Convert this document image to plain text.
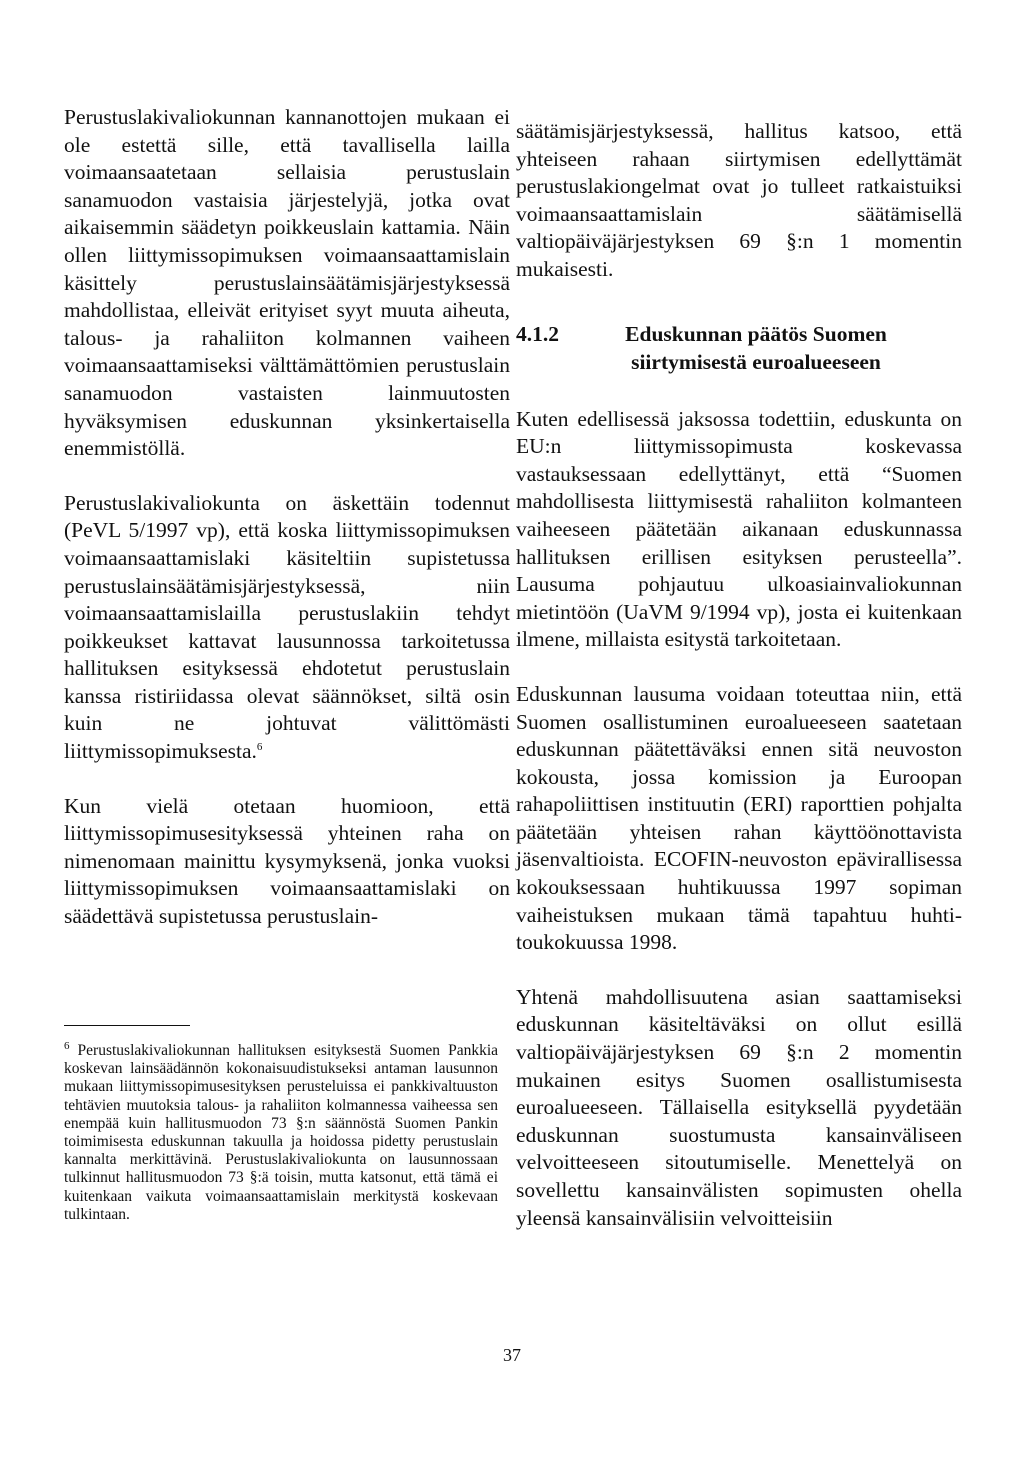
Perustuslakivaliokunnan kannanottojen mukaan ei ole estettä sille, että tavallisella laillа voimaansaatetaan sellaisia perustuslain sanamuodon vastaisia järjestelyjä, jotka ovat aikaisemmin säädetyn poikkeuslain kattamia. Näin ollen liittymissopimuksen voimaansaattamislain käsittely perustuslainsäätämisjärjestyksessä mahdollistaa, elleivät erityiset syyt muuta aiheuta, talous- ja rahaliiton kolmannen vaiheen voimaansaattamiseksi välttämättömien perustuslain sanamuodon vastaisten lainmuutosten hyväksymisen eduskunnan yksinkertaisella enemmistöllä.

Perustuslakivaliokunta on äskettäin todennut (PeVL 5/1997 vp), että koska liittymissopimuksen voimaansaattamislaki käsiteltiin supistetussa perustuslainsäätämisjärjestyksessä, niin voimaansaattamislailla perustuslakiin tehdyt poikkeukset kattavat lausunnossa tarkoitetussa hallituksen esityksessä ehdotetut perustuslain kanssa ristiriidassa olevat säännökset, siltä osin kuin ne johtuvat välittömästi liittymissopimuksesta.$^6$

Kun vielä otetaan huomioon, että liittymissopimusesityksessä yhteinen raha on nimenomaan mainittu kysymyksenä, jonka vuoksi liittymissopimuksen voimaansaattamislaki on säädettävä supistetussa perustuslain-

säätämisjärjestyksessä, hallitus katsoo, että yhteiseen rahaan siirtymisen edellyttämät perustuslakiongelmat ovat jo tulleet ratkaistuiksi voimaansaattamislain säätämisellä valtiopäiväjärjestyksen 69 §:n 1 momentin mukaisesti.

4.1.2	Eduskunnan päätös Suomen siirtymisestä euroalueeseen

Kuten edellisessä jaksossa todettiin, eduskunta on EU:n liittymissopimusta koskevassa vastauksessaan edellyttänyt, että “Suomen mahdollisesta liittymisestä rahaliiton kolmanteen vaiheeseen päätetään aikanaan eduskunnassa hallituksen erillisen esityksen perusteella”. Lausuma pohjautuu ulkoasiainvaliokunnan mietintöön (UaVM 9/1994 vp), josta ei kuitenkaan ilmene, millaista esitystä tarkoitetaan.

Eduskunnan lausuma voidaan toteuttaa niin, että Suomen osallistuminen euroalueeseen saatetaan eduskunnan päätettäväksi ennen sitä neuvoston kokousta, jossa komission ja Euroopan rahapoliittisen instituutin (ERI) raporttien pohjalta päätetään yhteisen rahan käyttöönottavista jäsenvaltioista. ECOFIN-neuvoston epävirallisessa kokouksessaan huhtikuussa 1997 sopiman vaiheistuksen mukaan tämä tapahtuu huhti-toukokuussa 1998.

Yhtenä mahdollisuutena asian saattamiseksi eduskunnan käsiteltäväksi on ollut esillä valtiopäiväjärjestyksen 69 §:n 2 momentin mukainen esitys Suomen osallistumisesta euroalueeseen. Tällaisella esityksellä pyydetään eduskunnan suostumusta kansainväliseen velvoitteeseen sitoutumiselle. Menettelyä on sovellettu kansainvälisten sopimusten ohella yleensä kansainvälisiin velvoitteisiin

$^6$ Perustuslakivaliokunnan hallituksen esityksestä Suomen Pankkia koskevan lainsäädännön kokonaisuudistukseksi antaman lausunnon mukaan liittymissopimusesityksen perusteluissa ei pankkivaltuuston tehtävien muutoksia talous- ja rahaliiton kolmannessa vaiheessa sen enempää kuin hallitusmuodon 73 §:n säännöstä Suomen Pankin toimimisesta eduskunnan takuulla ja hoidossa pidetty perustuslain kannalta merkittävinä. Perustuslakivaliokunta on lausunnossaan tulkinnut hallitusmuodon 73 §:ä toisin, mutta katsonut, että tämä ei kuitenkaan vaikuta voimaansaattamislain merkitystä koskevaan tulkintaan.
37
